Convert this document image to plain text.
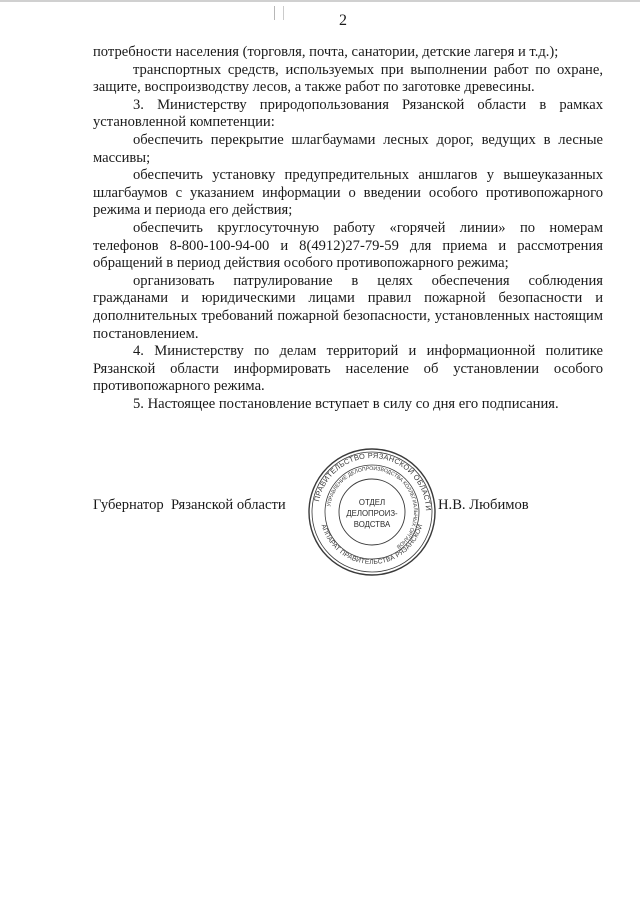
2

потребности населения (торговля, почта, санатории, детские лагеря и т.д.);

транспортных средств, используемых при выполнении работ по охране, защите, воспроизводству лесов, а также работ по заготовке древесины.

3. Министерству природопользования Рязанской области в рамках установленной компетенции:

обеспечить перекрытие шлагбаумами лесных дорог, ведущих в лесные массивы;

обеспечить установку предупредительных аншлагов у вышеуказанных шлагбаумов с указанием информации о введении особого противопожарного режима и периода его действия;

обеспечить круглосуточную работу «горячей линии» по номерам телефонов 8-800-100-94-00 и 8(4912)27-79-59 для приема и рассмотрения обращений в период действия особого противопожарного режима;

организовать патрулирование в целях обеспечения соблюдения гражданами и юридическими лицами правил пожарной безопасности и дополнительных требований пожарной безопасности, установленных настоящим постановлением.

4. Министерству по делам территорий и информационной политике Рязанской области информировать население об установлении особого противопожарного режима.

5. Настоящее постановление вступает в силу со дня его подписания.

Губернатор  Рязанской области	ПРАВИТЕЛЬСТВО РЯЗАНСКОЙ ОБЛАСТИ
АППАРАТ ПРАВИТЕЛЬСТВА РЯЗАНСКОЙ
УПРАВЛЕНИЕ ДЕЛОПРОИЗВОДСТВА КОЛЛЕГИАЛЬНЫХ ОРГАНОВ
ОТДЕЛ
ДЕЛОПРОИЗ-
ВОДСТВА
Н.В. Любимов
